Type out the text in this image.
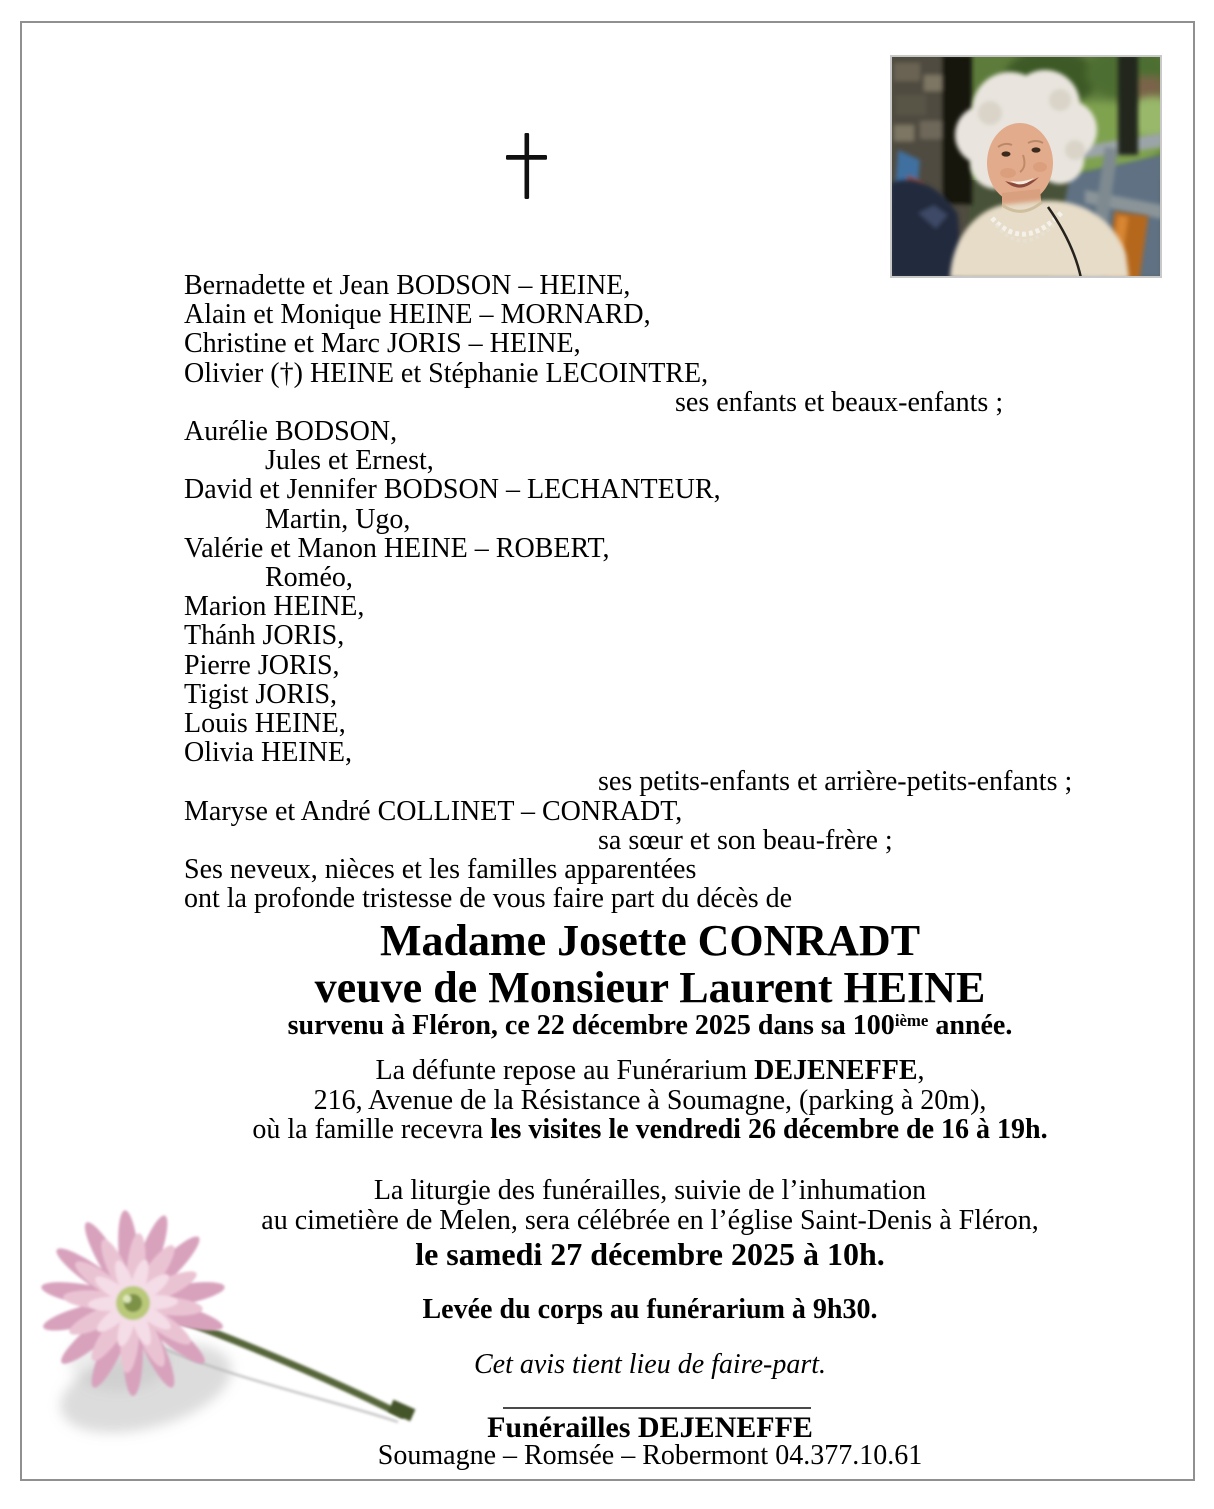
Bernadette et Jean BODSON – HEINE,
Alain et Monique HEINE – MORNARD,
Christine et Marc JORIS – HEINE,
Olivier (†) HEINE et Stéphanie LECOINTRE,
ses enfants et beaux-enfants ;
Aurélie BODSON,
Jules et Ernest,
David et Jennifer BODSON – LECHANTEUR,
Martin, Ugo,
Valérie et Manon HEINE – ROBERT,
Roméo,
Marion HEINE,
Thánh JORIS,
Pierre JORIS,
Tigist JORIS,
Louis HEINE,
Olivia HEINE,
ses petits-enfants et arrière-petits-enfants ;
Maryse et André COLLINET – CONRADT,
sa sœur et son beau-frère ;
Ses neveux, nièces et les familles apparentées
ont la profonde tristesse de vous faire part du décès de
Madame Josette CONRADT
veuve de Monsieur Laurent HEINE
survenu à Fléron, ce 22 décembre 2025 dans sa 100ième année.
La défunte repose au Funérarium DEJENEFFE,
216, Avenue de la Résistance à Soumagne, (parking à 20m),
où la famille recevra les visites le vendredi 26 décembre de 16 à 19h.
La liturgie des funérailles, suivie de l’inhumation
au cimetière de Melen, sera célébrée en l’église Saint-Denis à Fléron,
le samedi 27 décembre 2025 à 10h.
Levée du corps au funérarium à 9h30.
Cet avis tient lieu de faire-part.
Funérailles DEJENEFFE
Soumagne – Romsée – Robermont 04.377.10.61
